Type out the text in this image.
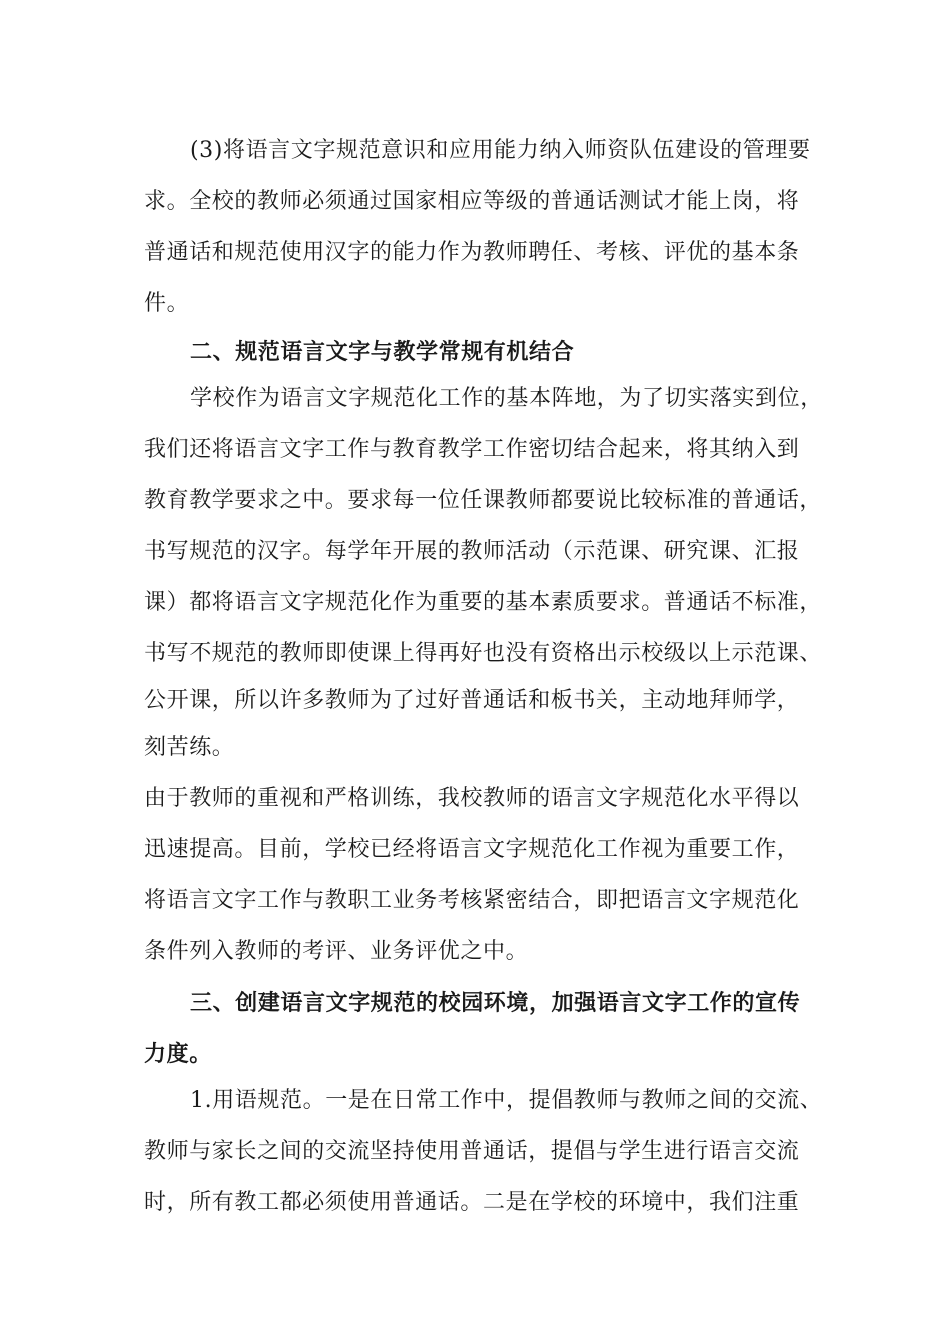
(3)将语言文字规范意识和应用能力纳入师资队伍建设的管理要
求。全校的教师必须通过国家相应等级的普通话测试才能上岗，将
普通话和规范使用汉字的能力作为教师聘任、考核、评优的基本条
件。
二、规范语言文字与教学常规有机结合
学校作为语言文字规范化工作的基本阵地，为了切实落实到位，
我们还将语言文字工作与教育教学工作密切结合起来，将其纳入到
教育教学要求之中。要求每一位任课教师都要说比较标准的普通话，
书写规范的汉字。每学年开展的教师活动（示范课、研究课、汇报
课）都将语言文字规范化作为重要的基本素质要求。普通话不标准，
书写不规范的教师即使课上得再好也没有资格出示校级以上示范课、
公开课，所以许多教师为了过好普通话和板书关，主动地拜师学，
刻苦练。
由于教师的重视和严格训练，我校教师的语言文字规范化水平得以
迅速提高。目前，学校已经将语言文字规范化工作视为重要工作，
将语言文字工作与教职工业务考核紧密结合，即把语言文字规范化
条件列入教师的考评、业务评优之中。
三、创建语言文字规范的校园环境，加强语言文字工作的宣传
力度。
1.用语规范。一是在日常工作中，提倡教师与教师之间的交流、
教师与家长之间的交流坚持使用普通话，提倡与学生进行语言交流
时，所有教工都必须使用普通话。二是在学校的环境中，我们注重
